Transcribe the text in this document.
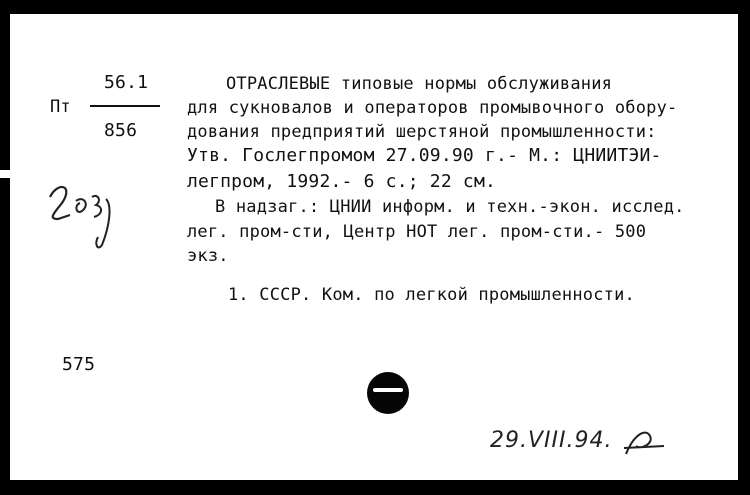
56.1
Пт
856
ОТРАСЛЕВЫЕ типовые нормы обслуживания
для сукновалов и операторов промывочного обору-
дования предприятий шерстяной промышленности:
Утв. Гослегпромом 27.09.90 г.- М.: ЦНИИТЭИ-
легпром, 1992.- 6 с.; 22 см.
В надзаг.: ЦНИИ информ. и техн.-экон. исслед.
лег. пром-сти, Центр НОТ лег. пром-сти.- 500
экз.
1. СССР. Ком. по легкой промышленности.
575
29.VIII.94.
